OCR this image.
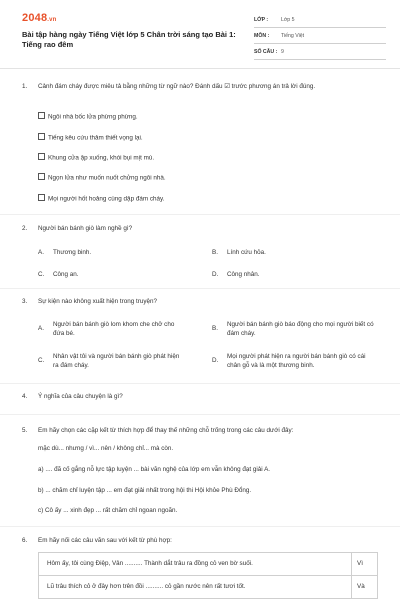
2048.vn
Bài tập hàng ngày Tiếng Việt lớp 5 Chân trời sáng tạo Bài 1: Tiếng rao đêm
LỚP : Lớp 5
MÔN : Tiếng Việt
SỐ CÂU : 9
1. Cảnh đám cháy được miêu tả bằng những từ ngữ nào? Đánh dấu ☑ trước phương án trả lời đúng.
Ngôi nhà bốc lửa phừng phừng.
Tiếng kêu cứu thảm thiết vọng lại.
Khung cửa ập xuống, khói bụi mịt mù.
Ngọn lửa như muốn nuốt chửng ngôi nhà.
Mọi người hốt hoảng cùng dập đám cháy.
2. Người bán bánh giò làm nghề gì?
A. Thương binh.	B. Lính cứu hỏa.
C. Công an.	D. Công nhân.
3. Sự kiện nào không xuất hiện trong truyện?
A.
Người bán bánh giò lom khom che chở cho đứa bé.
B.
Người bán bánh giò báo động cho mọi người biết có đám cháy.
C.
Nhân vật tôi và người bán bánh giò phát hiện ra đám cháy.
D.
Mọi người phát hiện ra người bán bánh giò có cái chân gỗ và là một thương binh.
4. Ý nghĩa của câu chuyện là gì?
5. Em hãy chọn các cặp kết từ thích hợp để thay thế những chỗ trống trong các câu dưới đây:
mặc dù... nhưng / vì... nên / không chỉ... mà còn.
a) .... đã cố gắng nỗ lực tập luyện ... bài văn nghệ của lớp em vẫn không đạt giải A.
b) ... chăm chỉ luyện tập ... em đạt giải nhất trong hội thi Hội khỏe Phù Đổng.
c) Cô ấy ... xinh đẹp ... rất chăm chỉ ngoan ngoãn.
6. Em hãy nối các câu văn sau với kết từ phù hợp:
Hôm ấy, tôi cùng Điệp, Vân .......... Thành dắt trâu ra đồng cỏ ven bờ suối.	Vì
Lũ trâu thích cỏ ở đây hơn trên đồi .......... cỏ gần nước nên rất tươi tốt.	Và
